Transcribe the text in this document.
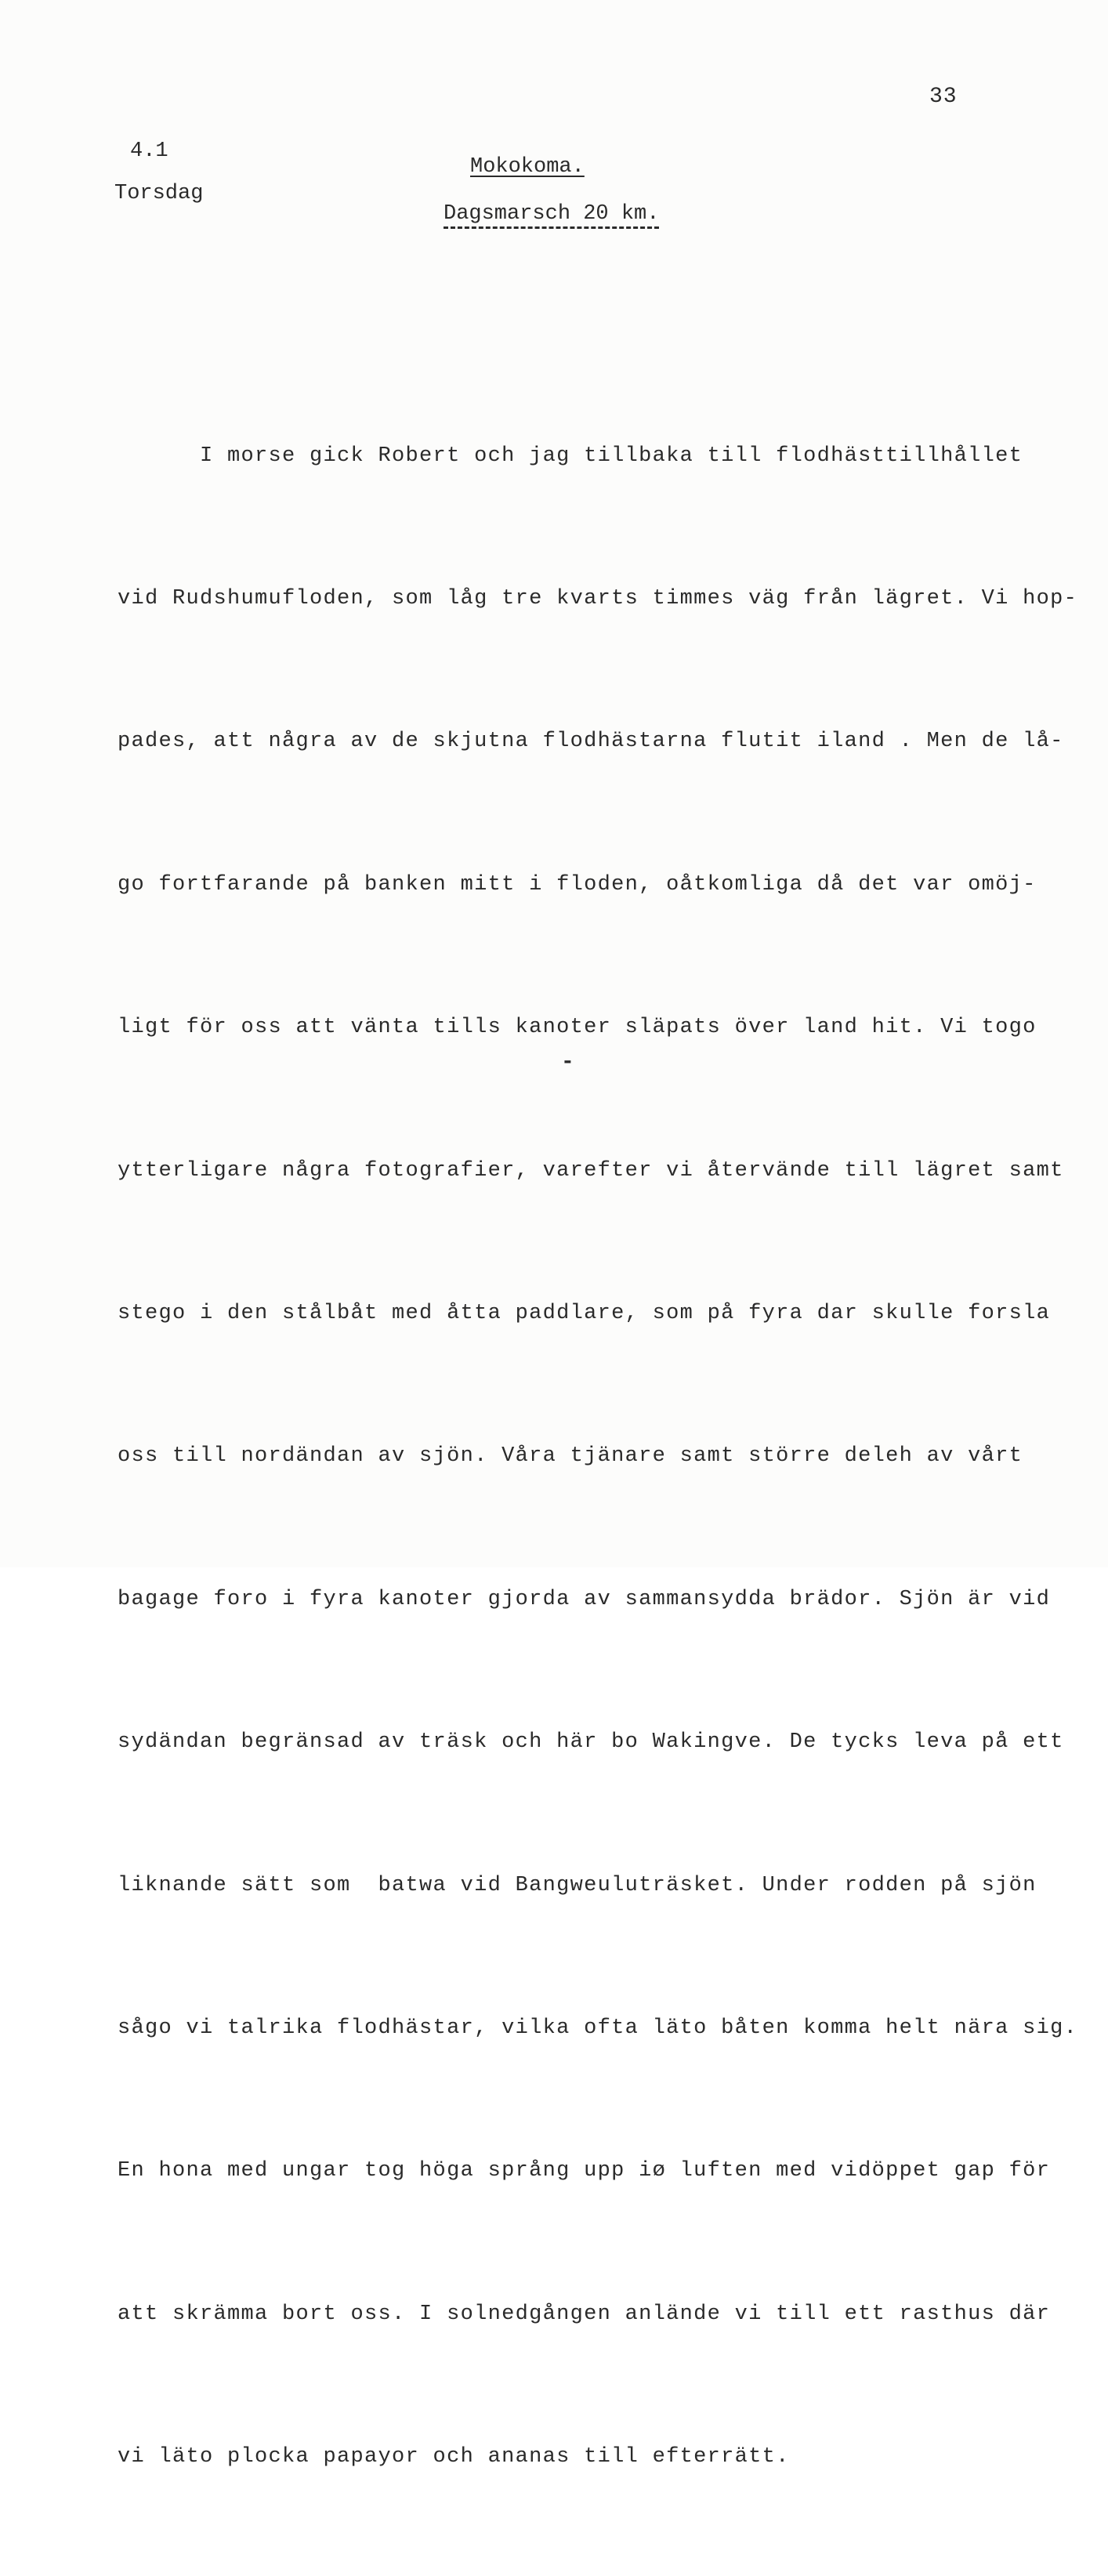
33
4.1
Torsdag
Mokokoma.
Dagsmarsch 20 km.

I morse gick Robert och jag tillbaka till flodhästtillhållet

vid Rudshumufloden, som låg tre kvarts timmes väg från lägret. Vi hop-

pades, att några av de skjutna flodhästarna flutit iland . Men de lå-

go fortfarande på banken mitt i floden, oåtkomliga då det var omöj-

ligt för oss att vänta tills kanoter släpats över land hit. Vi togo

ytterligare några fotografier, varefter vi återvände till lägret samt

stego i den stålbåt med åtta paddlare, som på fyra dar skulle forsla

oss till nordändan av sjön. Våra tjänare samt större deleh av vårt

bagage foro i fyra kanoter gjorda av sammansydda brädor. Sjön är vid

sydändan begränsad av träsk och här bo Wakingve. De tycks leva på ett

liknande sätt som  batwa vid Bangweuluträsket. Under rodden på sjön

sågo vi talrika flodhästar, vilka ofta läto båten komma helt nära sig.

En hona med ungar tog höga språng upp iø luften med vidöppet gap för

att skrämma bort oss. I solnedgången anlände vi till ett rasthus där

vi läto plocka papayor och ananas till efterrätt.

-
